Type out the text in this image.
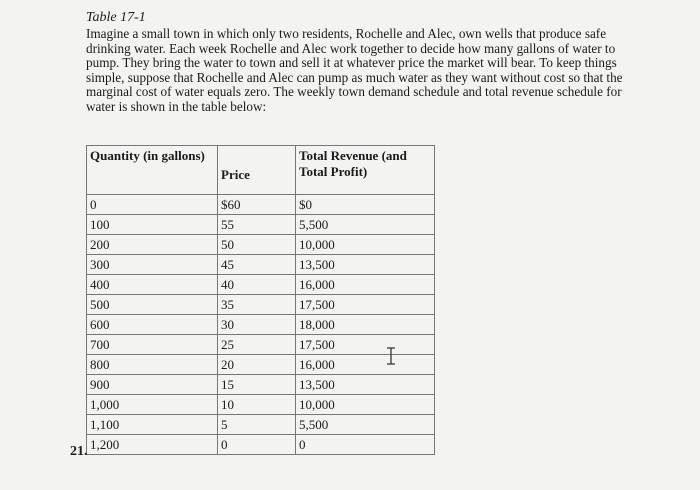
Table 17-1
Imagine a small town in which only two residents, Rochelle and Alec, own wells that produce safe drinking water. Each week Rochelle and Alec work together to decide how many gallons of water to pump. They bring the water to town and sell it at whatever price the market will bear. To keep things simple, suppose that Rochelle and Alec can pump as much water as they want without cost so that the marginal cost of water equals zero. The weekly town demand schedule and total revenue schedule for water is shown in the table below:
Quantity (in gallons)	Price	Total Revenue (and Total Profit)
0	$60	$0
100	55	5,500
200	50	10,000
300	45	13,500
400	40	16,000
500	35	17,500
600	30	18,000
700	25	17,500
800	20	16,000
900	15	13,500
1,000	10	10,000
1,100	5	5,500
1,200	0	0
21.
